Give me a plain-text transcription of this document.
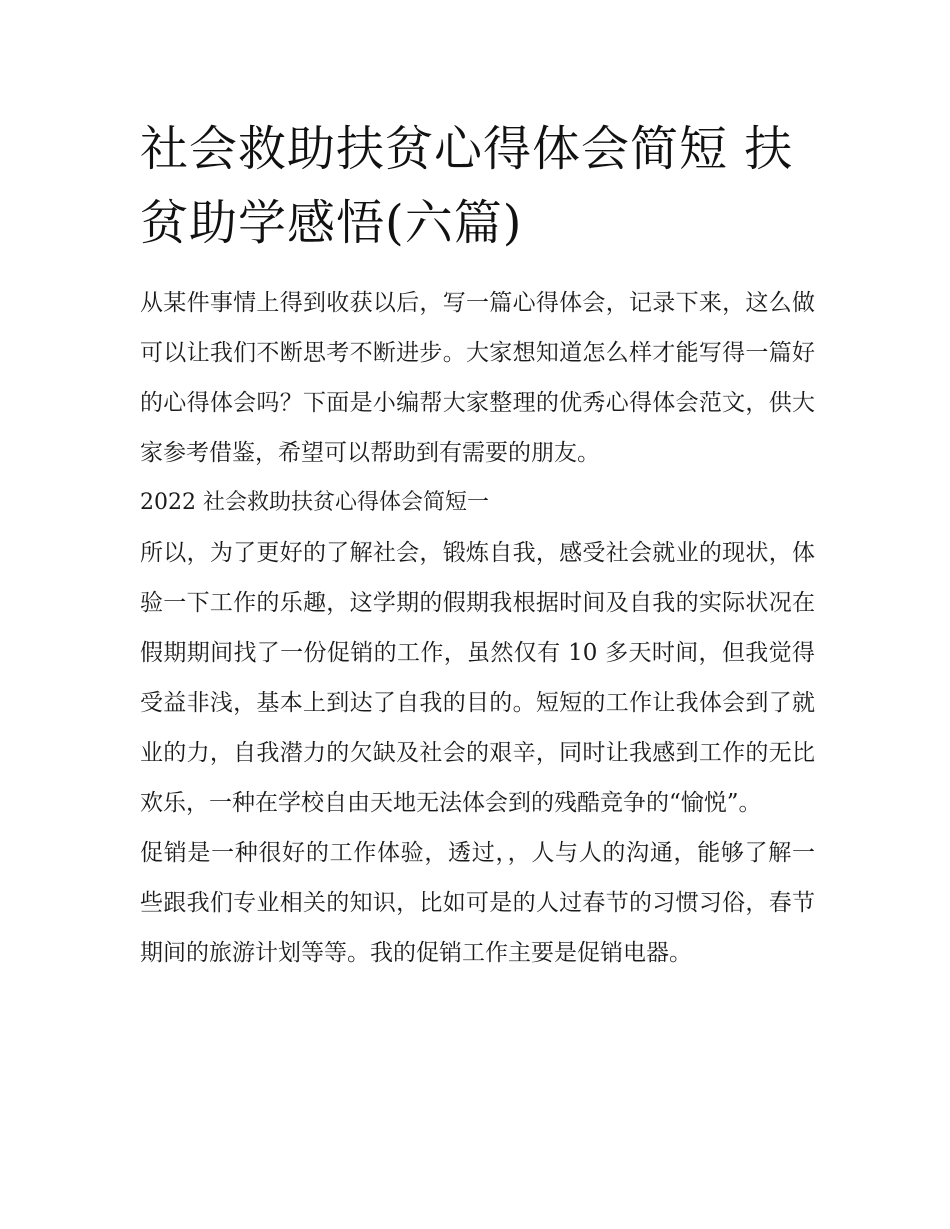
社会救助扶贫心得体会简短 扶贫助学感悟(六篇)

从某件事情上得到收获以后，写一篇心得体会，记录下来，这么做可以让我们不断思考不断进步。大家想知道怎么样才能写得一篇好的心得体会吗？下面是小编帮大家整理的优秀心得体会范文，供大家参考借鉴，希望可以帮助到有需要的朋友。

2022 社会救助扶贫心得体会简短一

所以，为了更好的了解社会，锻炼自我，感受社会就业的现状，体验一下工作的乐趣，这学期的假期我根据时间及自我的实际状况在假期期间找了一份促销的工作，虽然仅有 10 多天时间，但我觉得受益非浅，基本上到达了自我的目的。短短的工作让我体会到了就业的力，自我潜力的欠缺及社会的艰辛，同时让我感到工作的无比欢乐，一种在学校自由天地无法体会到的残酷竞争的“愉悦”。

促销是一种很好的工作体验，透过，，人与人的沟通，能够了解一些跟我们专业相关的知识，比如可是的人过春节的习惯习俗，春节期间的旅游计划等等。我的促销工作主要是促销电器。
